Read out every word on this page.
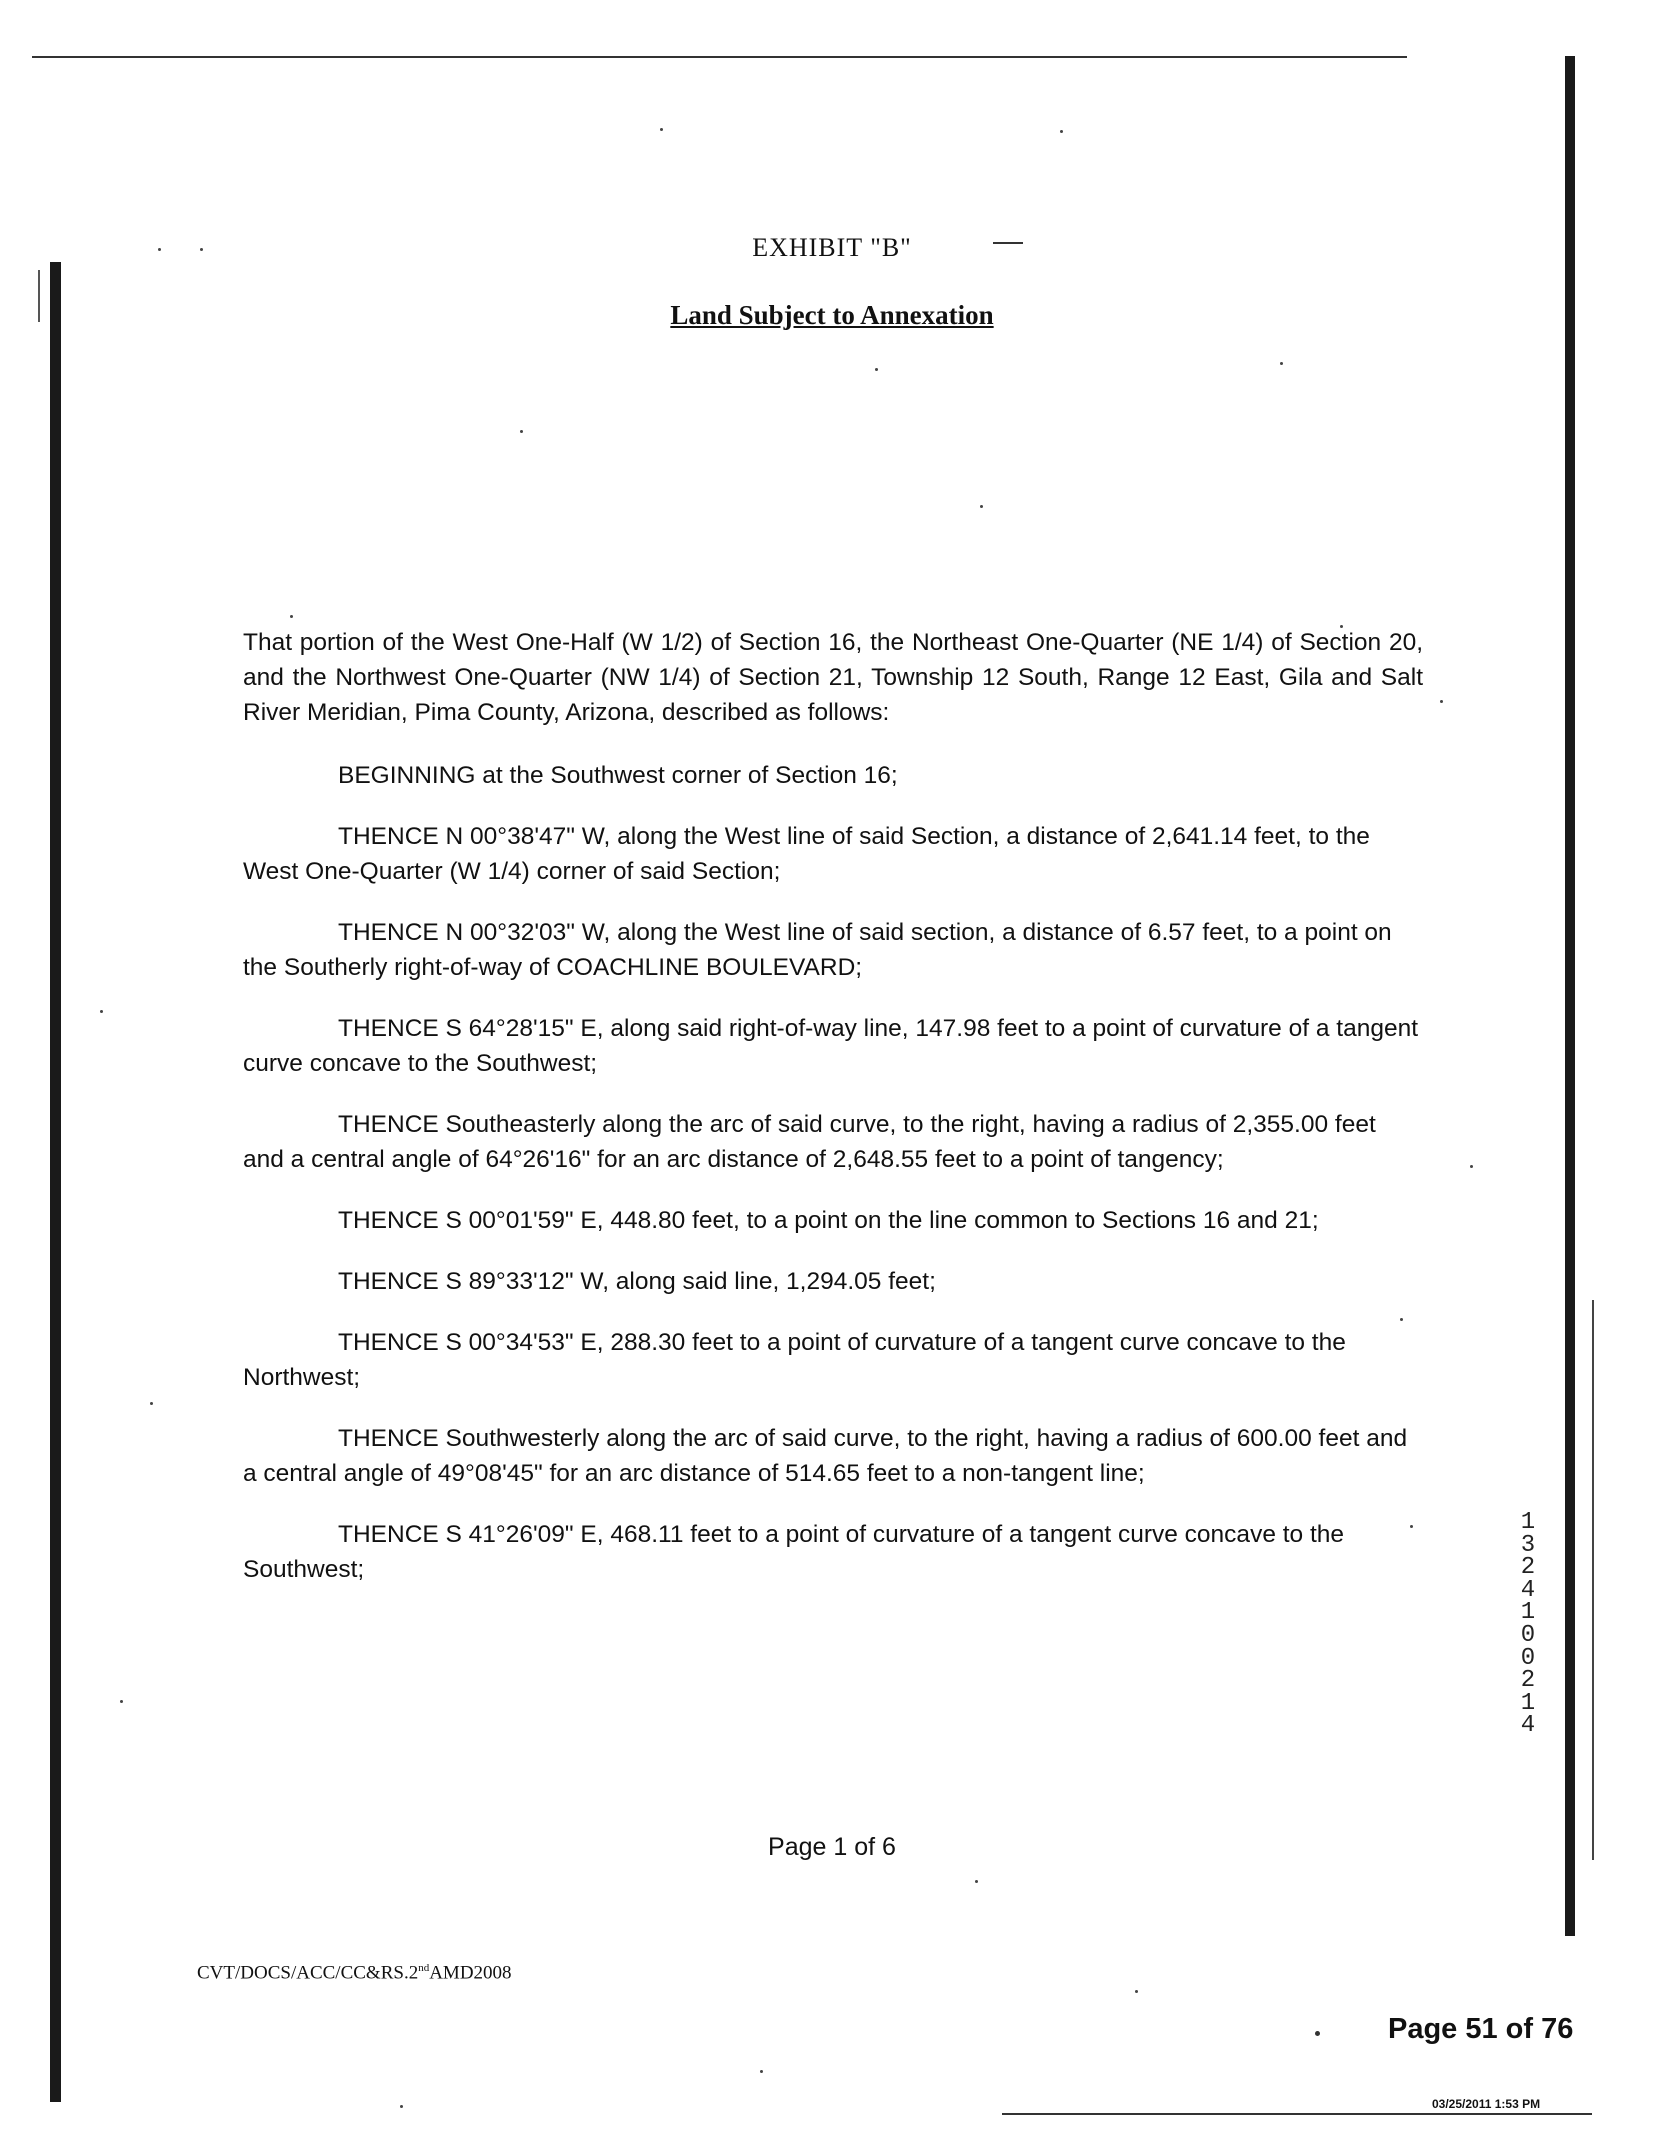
EXHIBIT "B"
Land Subject to Annexation

That portion of the West One-Half (W 1/2) of Section 16, the Northeast One-Quarter (NE 1/4) of Section 20, and the Northwest One-Quarter (NW 1/4) of Section 21, Township 12 South, Range 12 East, Gila and Salt River Meridian, Pima County, Arizona, described as follows:

BEGINNING at the Southwest corner of Section 16;

THENCE N 00°38'47" W, along the West line of said Section, a distance of 2,641.14 feet, to the West One-Quarter (W 1/4) corner of said Section;

THENCE N 00°32'03" W, along the West line of said section, a distance of 6.57 feet, to a point on the Southerly right-of-way of COACHLINE BOULEVARD;

THENCE S 64°28'15" E, along said right-of-way line, 147.98 feet to a point of curvature of a tangent curve concave to the Southwest;

THENCE Southeasterly along the arc of said curve, to the right, having a radius of 2,355.00 feet and a central angle of 64°26'16" for an arc distance of 2,648.55 feet to a point of tangency;

THENCE S 00°01'59" E, 448.80 feet, to a point on the line common to Sections 16 and 21;

THENCE S 89°33'12" W, along said line, 1,294.05 feet;

THENCE S 00°34'53" E, 288.30 feet to a point of curvature of a tangent curve concave to the Northwest;

THENCE Southwesterly along the arc of said curve, to the right, having a radius of 600.00 feet and a central angle of 49°08'45" for an arc distance of 514.65 feet to a non-tangent line;

THENCE S 41°26'09" E, 468.11 feet to a point of curvature of a tangent curve concave to the Southwest;

Page 1 of 6
CVT/DOCS/ACC/CC&RS.2ndAMD2008
13241 00214
Page 51 of 76
03/25/2011 1:53 PM
